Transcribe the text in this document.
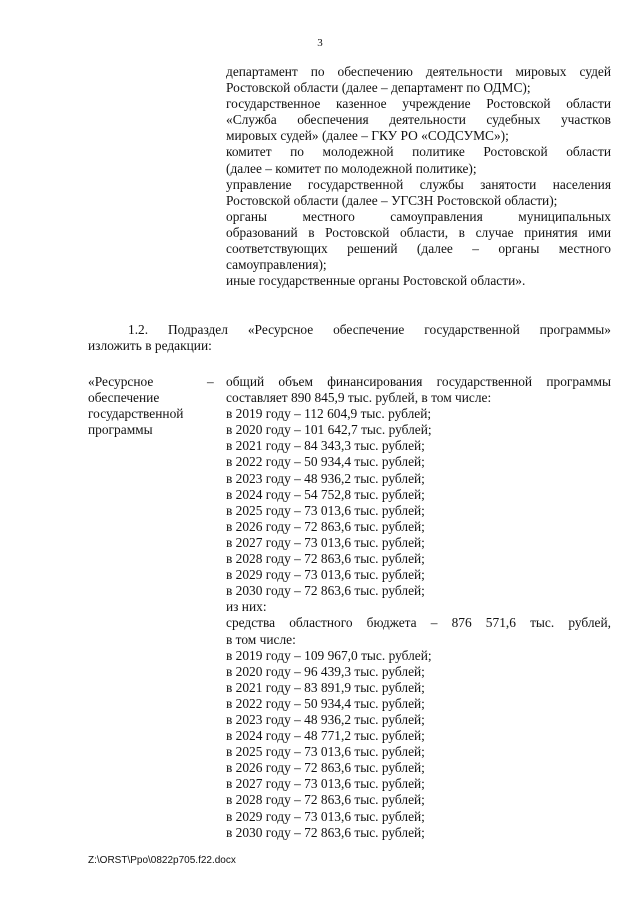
3
департамент по обеспечению деятельности мировых судей
Ростовской области (далее – департамент по ОДМС);
государственное казенное учреждение Ростовской области
«Служба обеспечения деятельности судебных участков
мировых судей» (далее – ГКУ РО «СОДСУМС»);
комитет по молодежной политике Ростовской области
(далее – комитет по молодежной политике);
управление государственной службы занятости населения
Ростовской области (далее – УГСЗН Ростовской области);
органы местного самоуправления муниципальных
образований в Ростовской области, в случае принятия ими
соответствующих решений (далее – органы местного
самоуправления);
иные государственные органы Ростовской области».
1.2. Подраздел «Ресурсное обеспечение государственной программы»
изложить в редакции:
«Ресурсное
обеспечение
государственной
программы
– общий объем финансирования государственной программы
составляет 890 845,9 тыс. рублей, в том числе:
в 2019 году – 112 604,9 тыс. рублей;
в 2020 году – 101 642,7 тыс. рублей;
в 2021 году – 84 343,3 тыс. рублей;
в 2022 году – 50 934,4 тыс. рублей;
в 2023 году – 48 936,2 тыс. рублей;
в 2024 году – 54 752,8 тыс. рублей;
в 2025 году – 73 013,6 тыс. рублей;
в 2026 году – 72 863,6 тыс. рублей;
в 2027 году – 73 013,6 тыс. рублей;
в 2028 году – 72 863,6 тыс. рублей;
в 2029 году – 73 013,6 тыс. рублей;
в 2030 году – 72 863,6 тыс. рублей;
из них:
средства областного бюджета – 876 571,6 тыс. рублей,
в том числе:
в 2019 году – 109 967,0 тыс. рублей;
в 2020 году – 96 439,3 тыс. рублей;
в 2021 году – 83 891,9 тыс. рублей;
в 2022 году – 50 934,4 тыс. рублей;
в 2023 году – 48 936,2 тыс. рублей;
в 2024 году – 48 771,2 тыс. рублей;
в 2025 году – 73 013,6 тыс. рублей;
в 2026 году – 72 863,6 тыс. рублей;
в 2027 году – 73 013,6 тыс. рублей;
в 2028 году – 72 863,6 тыс. рублей;
в 2029 году – 73 013,6 тыс. рублей;
в 2030 году – 72 863,6 тыс. рублей;
Z:\ORST\Ppo\0822p705.f22.docx
